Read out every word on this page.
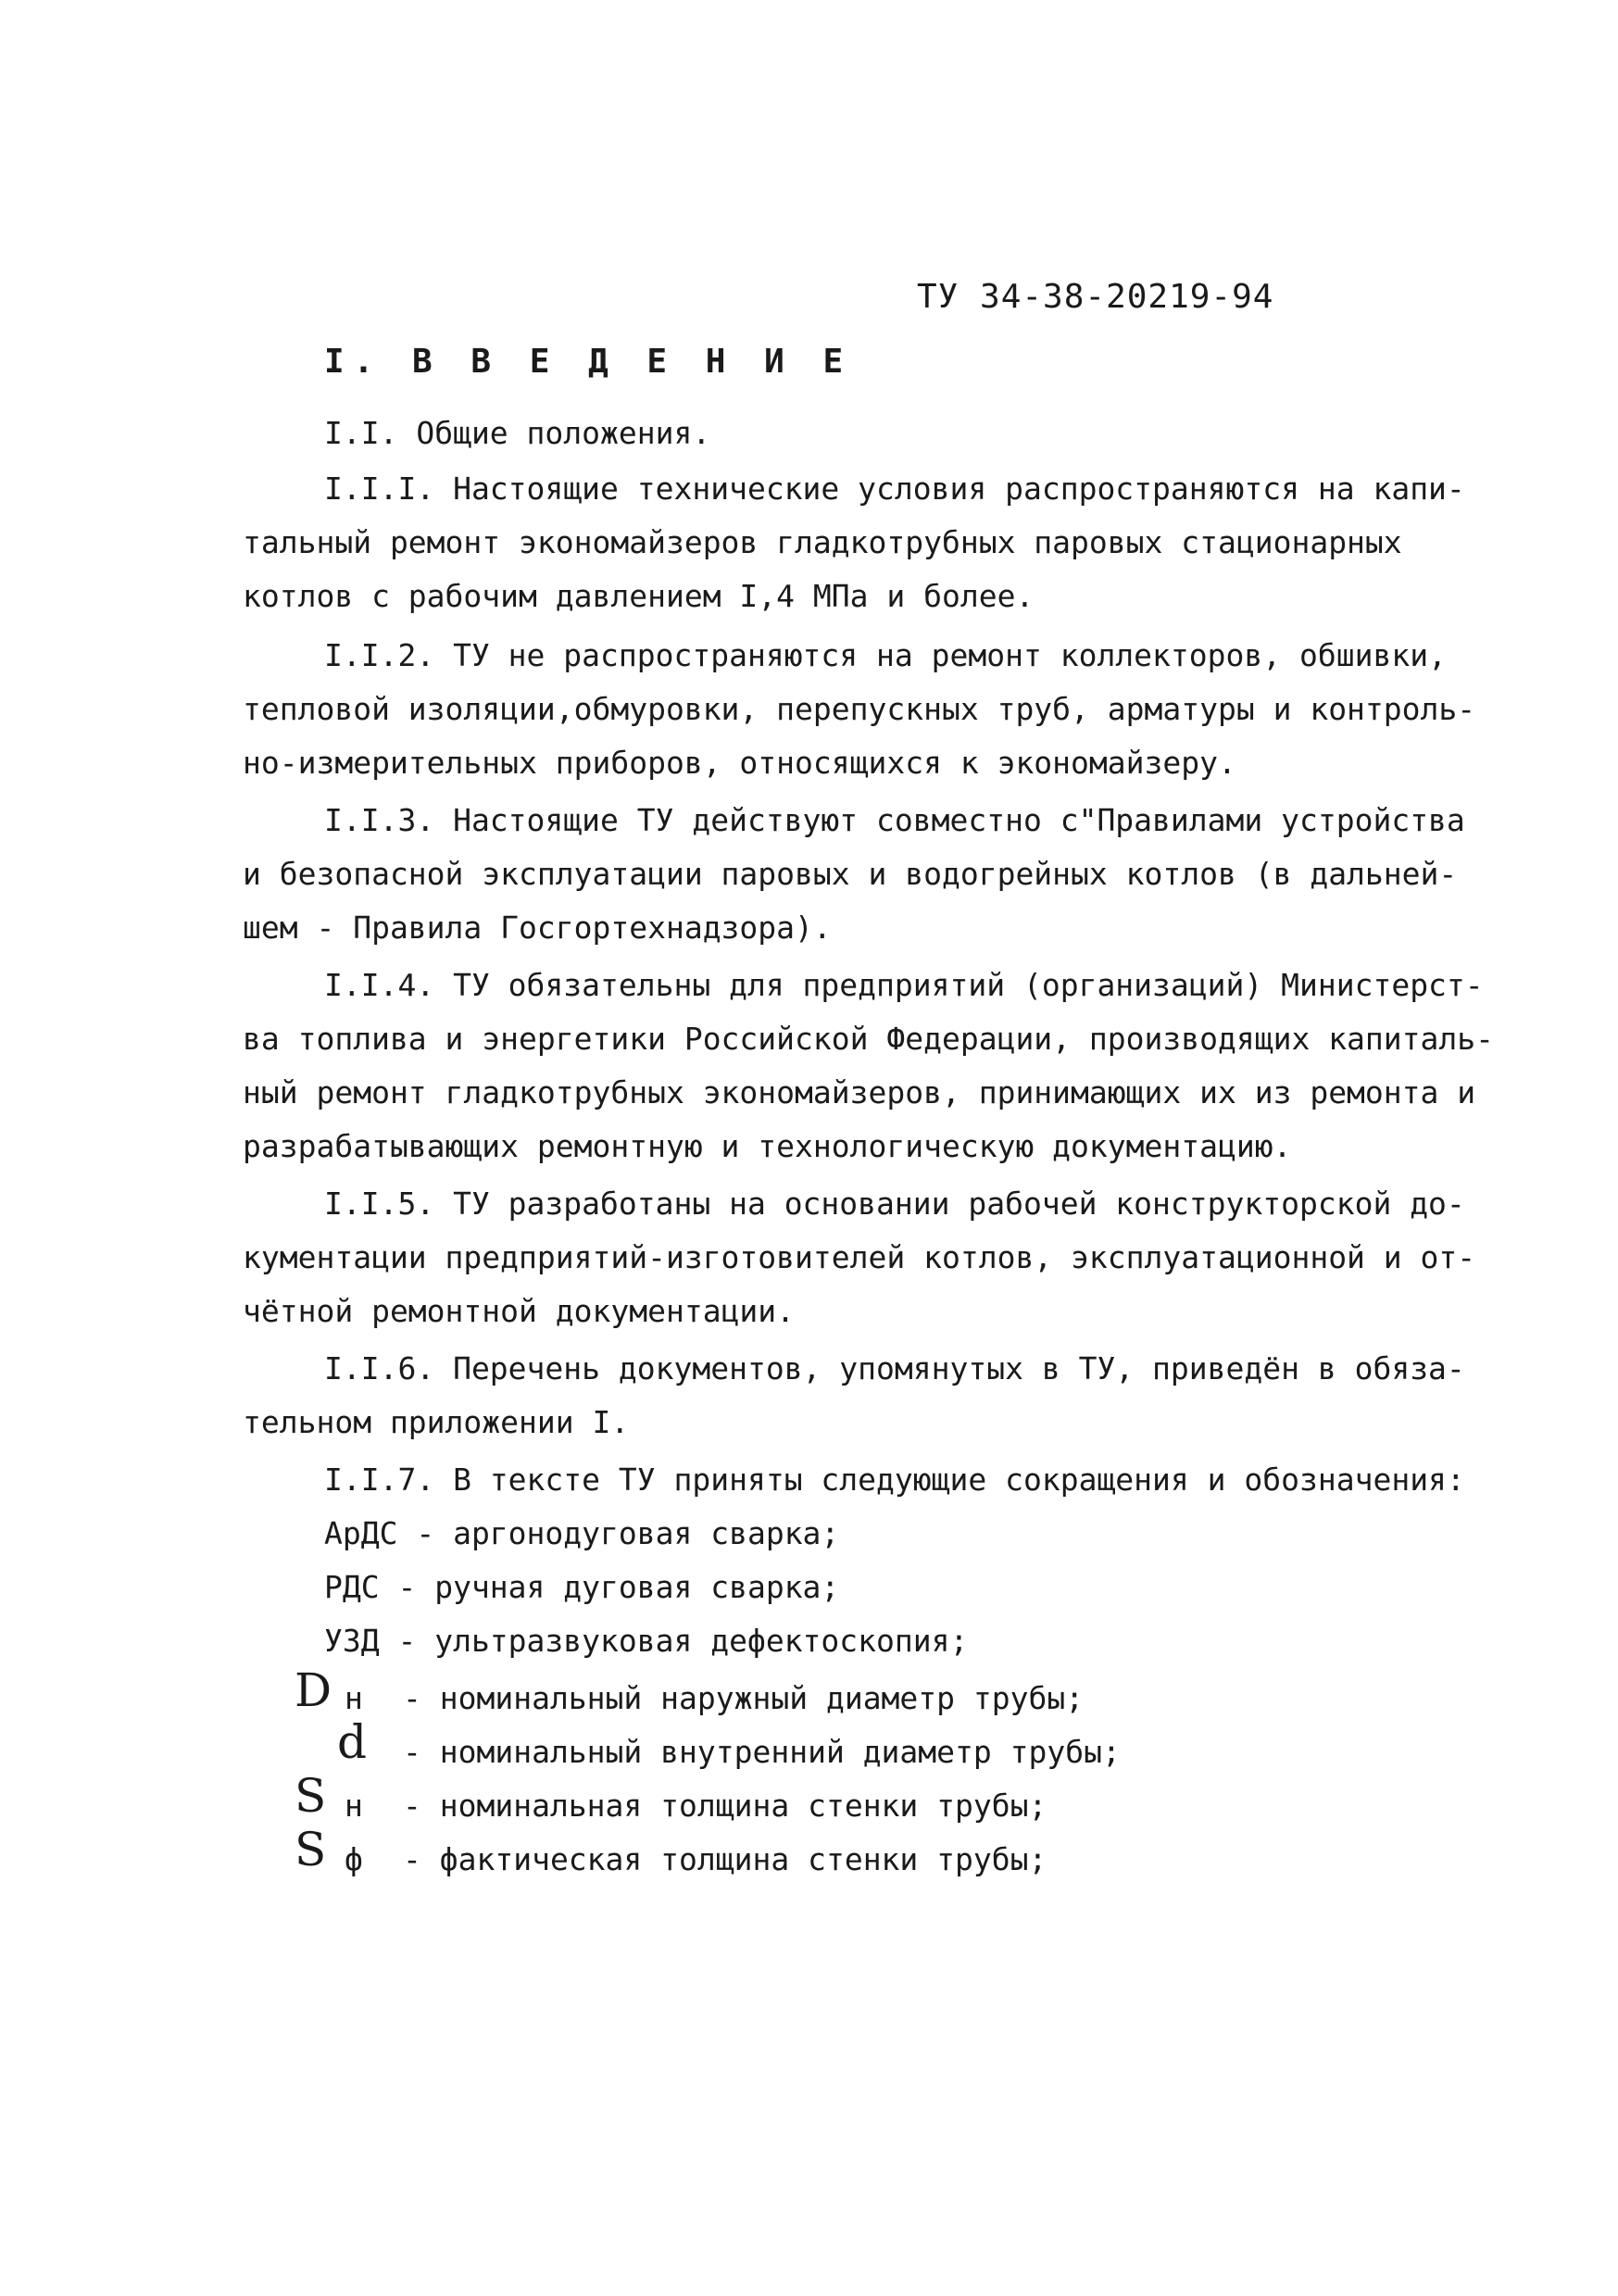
ТУ 34-38-20219-94
I. В В Е Д Е Н И Е
I.I. Общие положения.
I.I.I. Настоящие технические условия распространяются на капи-
тальный ремонт экономайзеров гладкотрубных паровых стационарных
котлов с рабочим давлением I,4 МПа и более.
I.I.2. ТУ не распространяются на ремонт коллекторов, обшивки,
тепловой изоляции,обмуровки, перепускных труб, арматуры и контроль-
но-измерительных приборов, относящихся к экономайзеру.
I.I.3. Настоящие ТУ действуют совместно с"Правилами устройства
и безопасной эксплуатации паровых и водогрейных котлов (в дальней-
шем - Правила Госгортехнадзора).
I.I.4. ТУ обязательны для предприятий (организаций) Министерст-
ва топлива и энергетики Российской Федерации, производящих капиталь-
ный ремонт гладкотрубных экономайзеров, принимающих их из ремонта и
разрабатывающих ремонтную и технологическую документацию.
I.I.5. ТУ разработаны на основании рабочей конструкторской до-
кументации предприятий-изготовителей котлов, эксплуатационной и от-
чётной ремонтной документации.
I.I.6. Перечень документов, упомянутых в ТУ, приведён в обяза-
тельном приложении I.
I.I.7. В тексте ТУ приняты следующие сокращения и обозначения:
АрДС - аргонодуговая сварка;
РДС - ручная дуговая сварка;
УЗД - ультразвуковая дефектоскопия;
D н - номинальный наружный диаметр трубы;
d - номинальный внутренний диаметр трубы;
S н - номинальная толщина стенки трубы;
S ф - фактическая толщина стенки трубы;
